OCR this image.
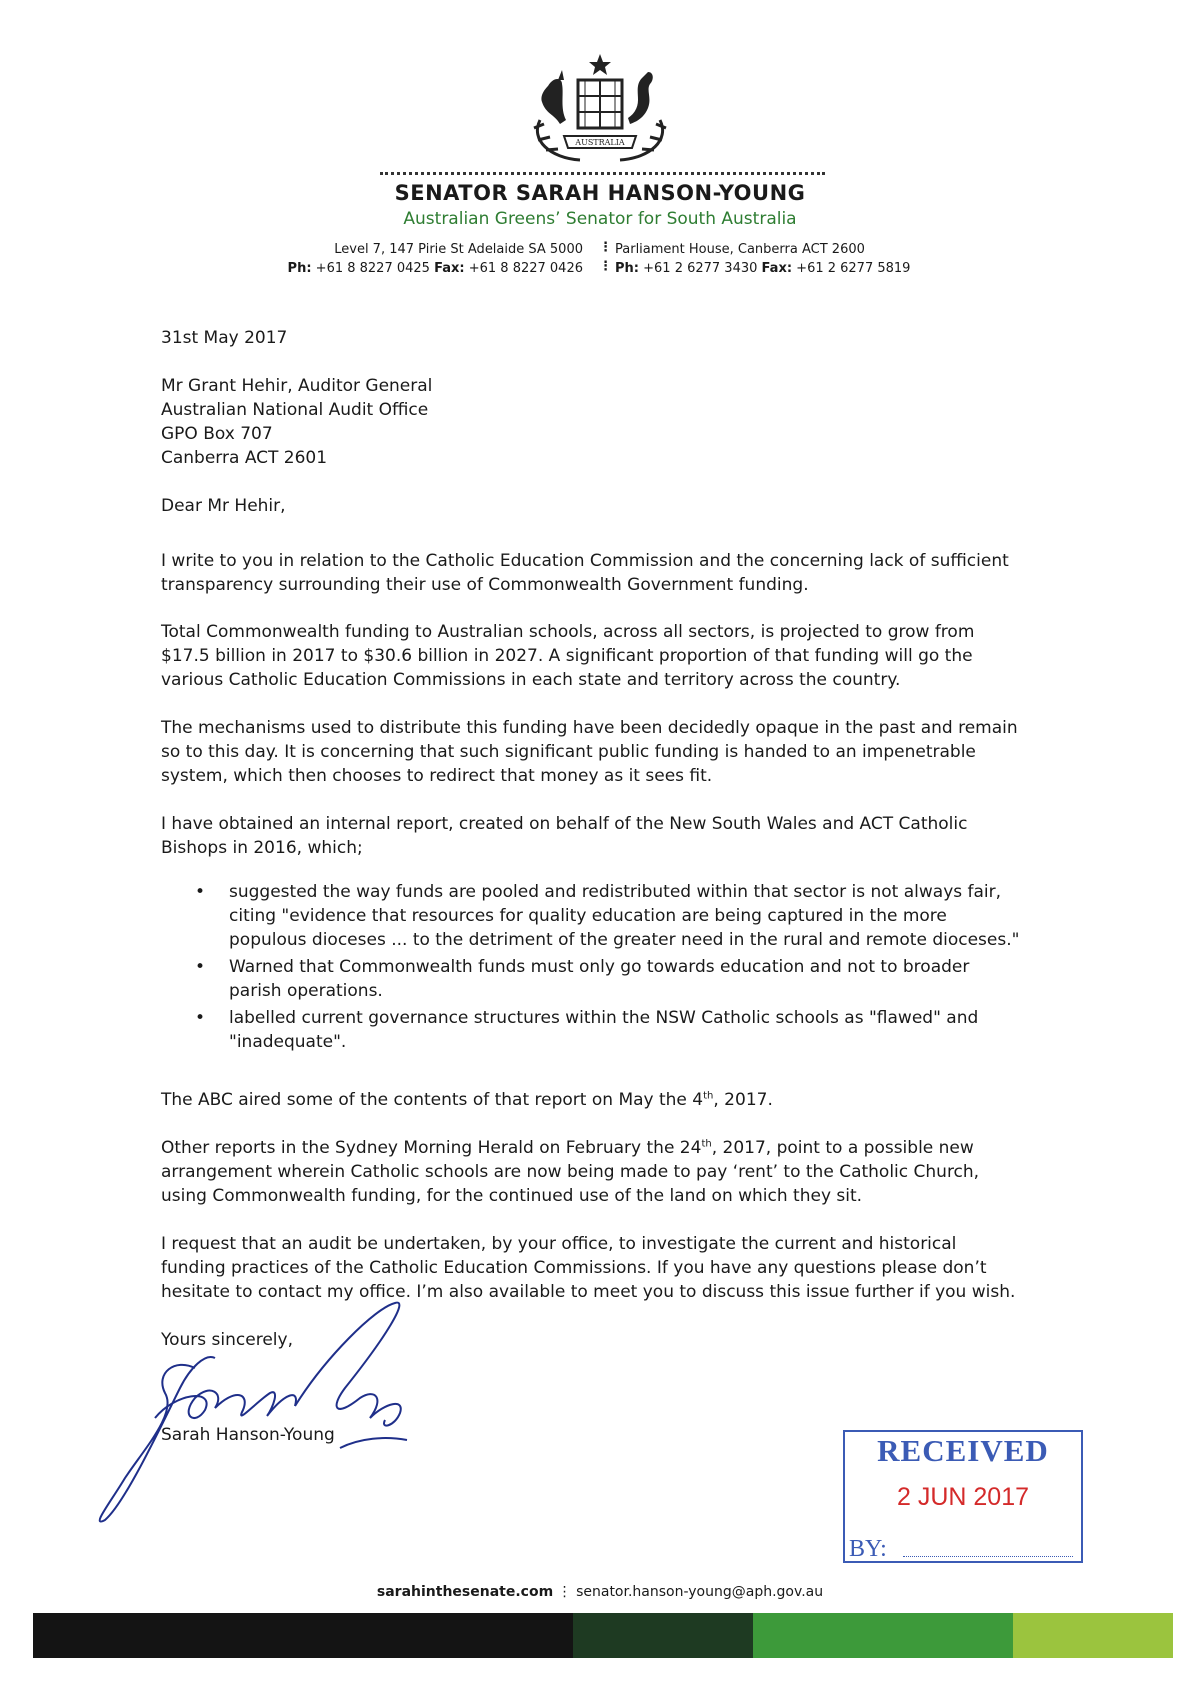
AUSTRALIA
SENATOR SARAH HANSON-YOUNG
Australian Greens’ Senator for South Australia
Level 7, 147 Pirie St Adelaide SA 5000
Ph: +61 8 8227 0425 Fax: +61 8 8227 0426
⋮
⋮
Parliament House, Canberra ACT 2600
Ph: +61 2 6277 3430 Fax: +61 2 6277 5819
31st May 2017
Mr Grant Hehir, Auditor General
Australian National Audit Office
GPO Box 707
Canberra ACT 2601
Dear Mr Hehir,
I write to you in relation to the Catholic Education Commission and the concerning lack of sufficient
transparency surrounding their use of Commonwealth Government funding.
Total Commonwealth funding to Australian schools, across all sectors, is projected to grow from
$17.5 billion in 2017 to $30.6 billion in 2027. A significant proportion of that funding will go the
various Catholic Education Commissions in each state and territory across the country.
The mechanisms used to distribute this funding have been decidedly opaque in the past and remain
so to this day. It is concerning that such significant public funding is handed to an impenetrable
system, which then chooses to redirect that money as it sees fit.
I have obtained an internal report, created on behalf of the New South Wales and ACT Catholic
Bishops in 2016, which;
• suggested the way funds are pooled and redistributed within that sector is not always fair,
citing "evidence that resources for quality education are being captured in the more
populous dioceses ... to the detriment of the greater need in the rural and remote dioceses."
• Warned that Commonwealth funds must only go towards education and not to broader
parish operations.
• labelled current governance structures within the NSW Catholic schools as "flawed" and
"inadequate".
The ABC aired some of the contents of that report on May the 4th, 2017.
Other reports in the Sydney Morning Herald on February the 24th, 2017, point to a possible new
arrangement wherein Catholic schools are now being made to pay ‘rent’ to the Catholic Church,
using Commonwealth funding, for the continued use of the land on which they sit.
I request that an audit be undertaken, by your office, to investigate the current and historical
funding practices of the Catholic Education Commissions. If you have any questions please don’t
hesitate to contact my office. I’m also available to meet you to discuss this issue further if you wish.
Yours sincerely,
Sarah Hanson-Young	RECEIVED
2 JUN 2017
BY:
sarahinthesenate.com ⋮ senator.hanson-young@aph.gov.au
